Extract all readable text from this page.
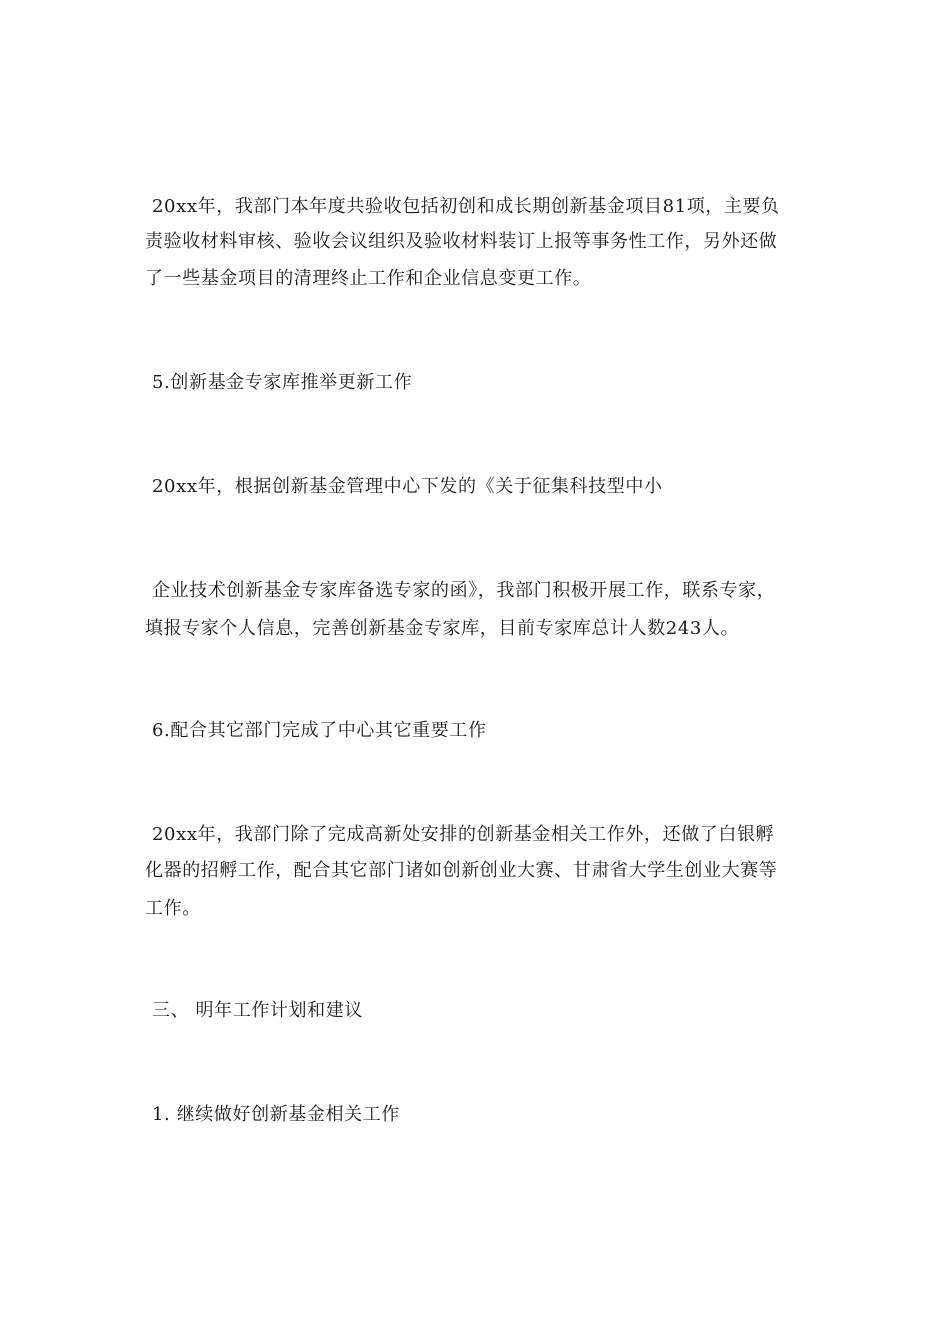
20xx年，我部门本年度共验收包括初创和成长期创新基金项目81项，主要负
责验收材料审核、验收会议组织及验收材料装订上报等事务性工作，另外还做
了一些基金项目的清理终止工作和企业信息变更工作。
5.创新基金专家库推举更新工作
20xx年，根据创新基金管理中心下发的《关于征集科技型中小
企业技术创新基金专家库备选专家的函》，我部门积极开展工作，联系专家，
填报专家个人信息，完善创新基金专家库，目前专家库总计人数243人。
6.配合其它部门完成了中心其它重要工作
20xx年，我部门除了完成高新处安排的创新基金相关工作外，还做了白银孵
化器的招孵工作，配合其它部门诸如创新创业大赛、甘肃省大学生创业大赛等
工作。
三、 明年工作计划和建议
1. 继续做好创新基金相关工作
